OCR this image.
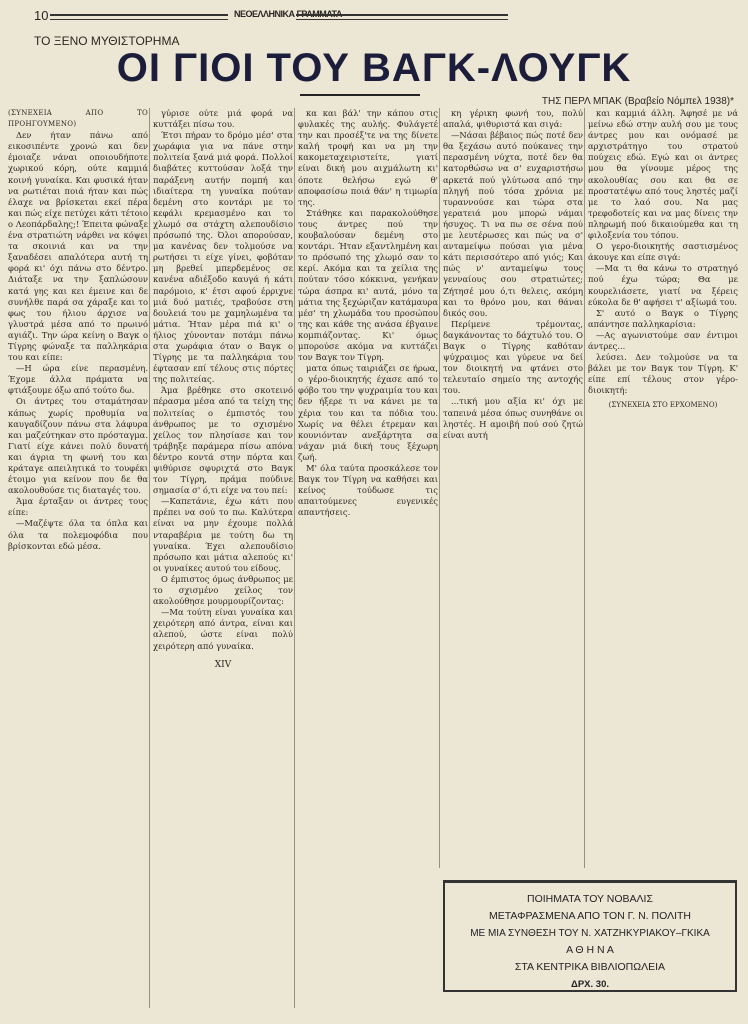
10	ΝΕΟΕΛΛΗΝΙΚΑ ΓΡΑΜΜΑΤΑ
ΤΟ ΞΕΝΟ ΜΥΘΙΣΤΟΡΗΜΑ
ΟΙ ΓΙΟΙ ΤΟΥ ΒΑΓΚ-ΛΟΥΓΚ
ΤΗΣ ΠΕΡΛ ΜΠΑΚ (Βραβείο Νόμπελ 1938)*
(ΣΥΝΕΧΕΙΑ ΑΠΟ ΤΟ ΠΡΟΗΓΟΥΜΕΝΟ)

Δεν ήταν πάνω από εικοσιπέντε χρονώ και δεν έμοιαζε νάναι οποιουδήποτε χωρικού κόρη, ούτε καμμιά κοινή γυναίκα. Και φυσικά ήταν να ρωτιέται ποιά ήταν και πώς έλαχε να βρίσκεται εκεί πέρα και πώς είχε πετύχει κάτι τέτοιο ο Λεοπάρδαλης;! Έπειτα φώναξε ένα στρατιώτη νάρθει να κόψει τα σκοινιά και να την ξαναδέσει απαλότερα αυτή τη φορά κι' όχι πάνω στο δέντρο. Διάταξε να την ξαπλώσουν κατά γης και κει έμεινε και δε συνήλθε παρά σα χάραξε και το φως του ήλιου άρχισε να γλυστρά μέσα από το πρωινό αγιάζι. Την ώρα κείνη ο Βαγκ ο Τίγρης φώναξε τα παλληκάρια του και είπε:

—Η ώρα είνε περασμένη. Έχομε άλλα πράματα να φτιάξουμε όξω από τούτο δω.

Οι άντρες του σταμάτησαν κάπως χωρίς προθυμία να καυγαδίζουν πάνω στα λάφυρα και μαζεύτηκαν στο πρόσταγμα. Γιατί είχε κάνει πολύ δυνατή και άγρια τη φωνή του και κράταγε απειλητικά το τουφέκι έτοιμο για κείνον που δε θα ακολουθούσε τις διαταγές του.

Άμα έρταξαν οι άντρες τους είπε:

—Μαζέψτε όλα τα όπλα και όλα τα πολεμοφόδια που βρίσκονται εδώ μέσα.

γύρισε ούτε μιά φορά να κυττάξει πίσω του.

Έτσι πήραν το δρόμο μέσ' στα χωράφια για να πάνε στην πολιτεία ξανά μιά φορά. Πολλοί διαβάτες κυττούσαν λοξά την παράξενη αυτήν πομπή και ιδιαίτερα τη γυναίκα πούταν δεμένη στο κοντάρι με το κεφάλι κρεμασμένο και το χλωμό σα στάχτη αλεπουδίσιο πρόσωπό της. Όλοι απορούσαν, μα κανένας δεν τολμούσε να ρωτήσει τι είχε γίνει, φοβόταν μη βρεθεί μπερδεμένος σε κανένα αδιέξοδο καυγά ή κάτι παρόμοιο, κ' έτσι αφού έρριχνε μιά δυό ματιές, τραβούσε στη δουλειά του με χαμηλωμένα τα μάτια. Ήταν μέρα πιά κι' ο ήλιος χύνονταν ποτάμι πάνω στα χωράφια όταν ο Βαγκ ο Τίγρης με τα παλληκάρια του έφτασαν επί τέλους στις πόρτες της πολιτείας.

Άμα βρέθηκε στο σκοτεινό πέρασμα μέσα από τα τείχη της πολιτείας ο έμπιστός του άνθρωπος με το σχισμένο χείλος τον πλησίασε και τον τράβηξε παράμερα πίσω απόνα δέντρο κοντά στην πόρτα και ψιθύρισε σφυριχτά στο Βαγκ τον Τίγρη, πράμα πούδινε σημασία σ' ό,τι είχε να του πεί:

—Καπετάνιε, έχω κάτι που πρέπει να σού το πω. Καλύτερα είναι να μην έχουμε πολλά νταραβέρια με τούτη δω τη γυναίκα. Έχει αλεπουδίσιο πρόσωπο και μάτια αλεπούς κι' οι γυναίκες αυτού του είδους.

Ο έμπιστος όμως άνθρωπος με το σχισμένο χείλος τον ακολούθησε μουρμουρίζοντας:

—Μα τούτη είναι γυναίκα και χειρότερη από άντρα, είναι και αλεπού, ώστε είναι πολύ χειρότερη από γυναίκα.

XIV

κα και βάλ' την κάπου στις φυλακές της αυλής. Φυλάγετέ την και προσέξ'τε να της δίνετε καλή τροφή και να μη την κακομεταχειριστείτε, γιατί είναι δική μου αιχμάλωτη κι' όποτε θελήσω εγώ θ' αποφασίσω ποιά θάν' η τιμωρία της.

Στάθηκε και παρακολούθησε τους άντρες πού την κουβαλούσαν δεμένη στο κοντάρι. Ήταν εξαντλημένη και το πρόσωπό της χλωμό σαν το κερί. Ακόμα και τα χείλια της πούταν τόσο κόκκινα, γενήκαν τώρα άσπρα κι' αυτά, μόνο τα μάτια της ξεχώριζαν κατάμαυρα μέσ' τη χλωμάδα του προσώπου της και κάθε της ανάσα έβγαινε κομπιάζοντας. Κι' όμως μπορούσε ακόμα να κυττάζει τον Βαγκ τον Τίγρη.

ματα όπως ταιριάζει σε ήρωα, ο γέρο-διοικητής έχασε από το φόβο του την ψυχραιμία του και δεν ήξερε τι να κάνει με τα χέρια του και τα πόδια του. Χωρίς να θέλει έτρεμαν και κουνιόνταν ανεξάρτητα σα νάχαν μιά δική τους ξέχωρη ζωή.

Μ' όλα ταύτα προσκάλεσε τον Βαγκ τον Τίγρη να καθήσει και κείνος τούδωσε τις απαιτούμενες ευγενικές απαντήσεις.

κη γέρικη φωνή του, πολύ απαλά, ψιθυριστά και σιγά:

—Νάσαι βέβαιος πώς ποτέ δεν θα ξεχάσω αυτό πούκανες την περασμένη νύχτα, ποτέ δεν θα κατορθώσω να σ' ευχαριστήσω αρκετά πού γλύτωσα από την πληγή πού τόσα χρόνια με τυραννούσε και τώρα στα γερατειά μου μπορώ νάμαι ήσυχος. Τι να πω σε σένα πού με λευτέρωσες και πώς να σ' ανταμείψω πούσαι για μένα κάτι περισσότερο από γιός; Και πώς ν' ανταμείψω τους γενναίους σου στρατιώτες; Ζήτησέ μου ό,τι θελεις, ακόμη και το θρόνο μου, και θάναι δικός σου.

Περίμενε τρέμοντας, δαγκάνοντας το δάχτυλό του. Ο Βαγκ ο Τίγρης καθόταν ψύχραιμος και γύρευε να δεί τον διοικητή να φτάνει στο τελευταίο σημείο της αντοχής του.

...τική μου αξία κι' όχι με ταπεινά μέσα όπως συνηθάνε οι ληστές. Η αμοιβή πού σού ζητώ είναι αυτή

και καμμιά άλλη. Άφησέ με νά μείνω εδώ στην αυλή σου με τους άντρες μου και ονόμασέ με αρχιστράτηγο του στρατού πούχεις εδώ. Εγώ και οι άντρες μου θα γίνουμε μέρος της ακολουθίας σου και θα σε προστατέψω από τους ληστές μαζί με το λαό σου. Να μας τρεφοδοτείς και να μας δίνεις την πληρωμή πού δικαιούμεθα και τη φιλοξενία του τόπου.

Ο γερο-διοικητής σαστισμένος άκουγε και είπε σιγά:

—Μα τι θα κάνω το στρατηγό πού έχω τώρα; Θα με κουρελιάσετε, γιατί να ξέρεις εύκολα δε θ' αφήσει τ' αξίωμά του.

Σ' αυτό ο Βαγκ ο Τίγρης απάντησε παλληκαρίσια:

—Ας αγωνιστούμε σαν έντιμοι άντρες...

λεύσει. Δεν τολμούσε να τα βάλει με τον Βαγκ τον Τίγρη. Κ' είπε επί τέλους στον γέρο-διοικητή:

(ΣΥΝΕΧΕΙΑ ΣΤΟ ΕΡΧΟΜΕΝΟ)
ΠΟΙΗΜΑΤΑ ΤΟΥ ΝΟΒΑΛΙΣ
ΜΕΤΑΦΡΑΣΜΕΝΑ ΑΠΟ ΤΟΝ Γ. Ν. ΠΟΛΙΤΗ
ΜΕ ΜΙΑ ΣΥΝΘΕΣΗ ΤΟΥ Ν. ΧΑΤΖΗΚΥΡΙΑΚΟΥ–ΓΚΙΚΑ
Α Θ Η Ν Α
ΣΤΑ ΚΕΝΤΡΙΚΑ ΒΙΒΛΙΟΠΩΛΕΙΑ
ΔΡΧ. 30.
